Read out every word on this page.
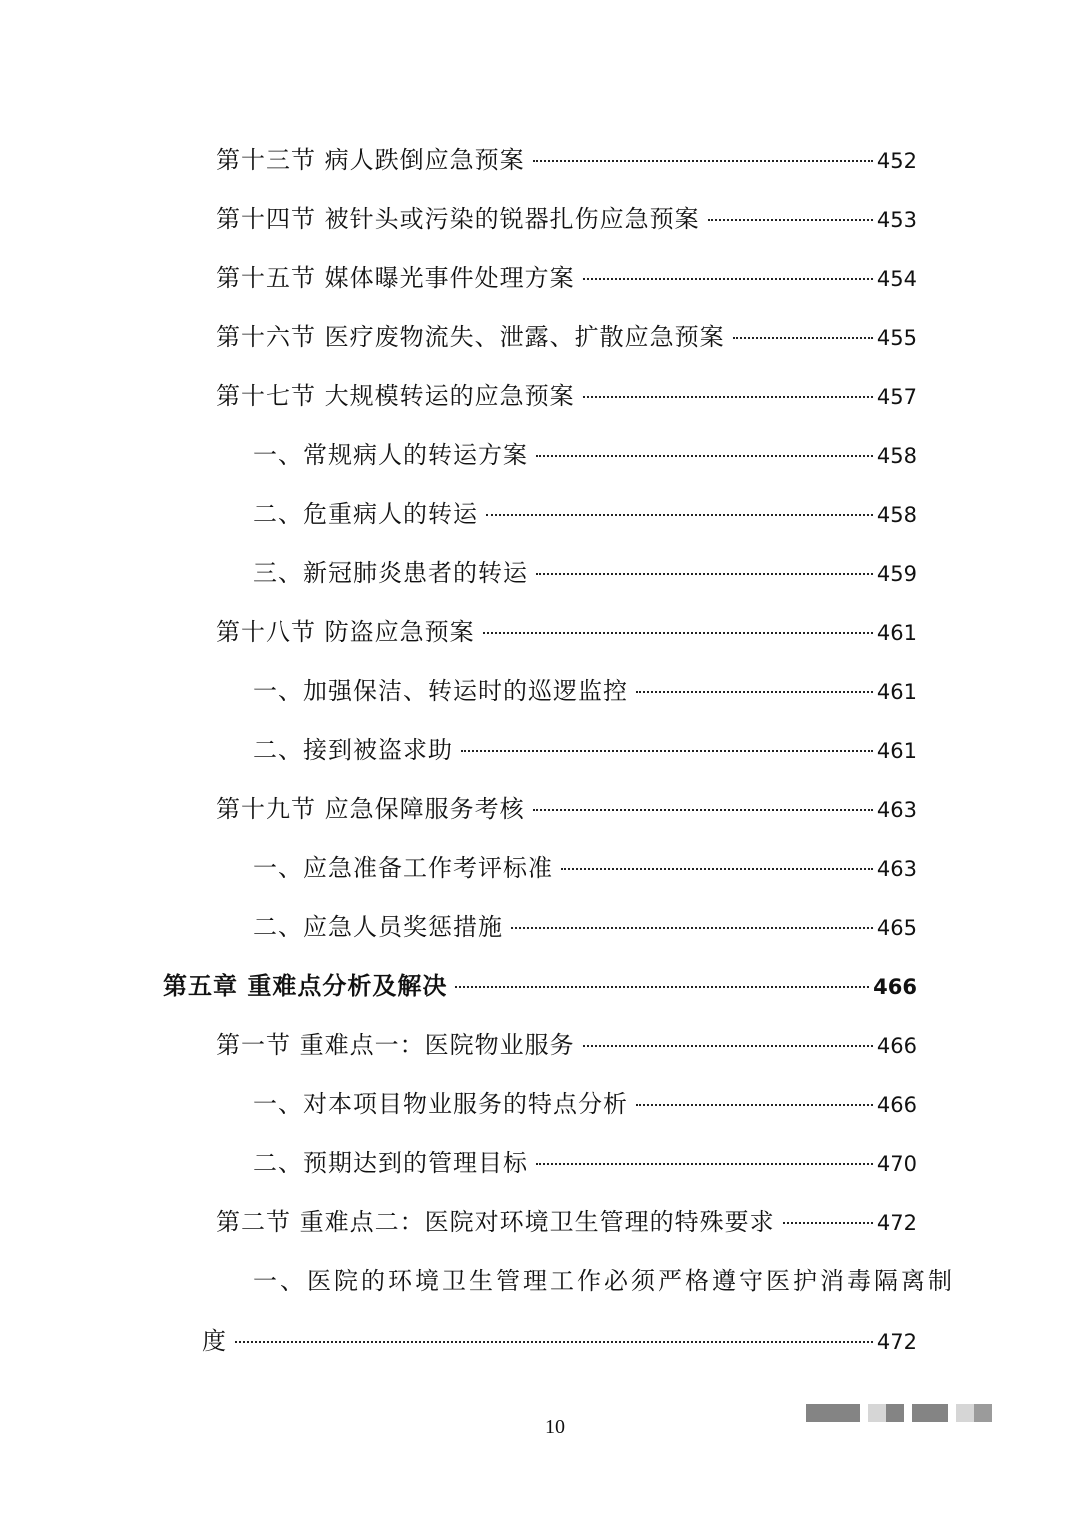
第十三节 病人跌倒应急预案	452
第十四节 被针头或污染的锐器扎伤应急预案	453
第十五节 媒体曝光事件处理方案	454
第十六节 医疗废物流失、泄露、扩散应急预案	455
第十七节 大规模转运的应急预案	457
一、常规病人的转运方案	458
二、危重病人的转运	458
三、新冠肺炎患者的转运	459
第十八节 防盗应急预案	461
一、加强保洁、转运时的巡逻监控	461
二、接到被盗求助	461
第十九节 应急保障服务考核	463
一、应急准备工作考评标准	463
二、应急人员奖惩措施	465
第五章 重难点分析及解决	466
第一节 重难点一：医院物业服务	466
一、对本项目物业服务的特点分析	466
二、预期达到的管理目标	470
第二节 重难点二：医院对环境卫生管理的特殊要求	472
一、医院的环境卫生管理工作必须严格遵守医护消毒隔离制
度	472
10
